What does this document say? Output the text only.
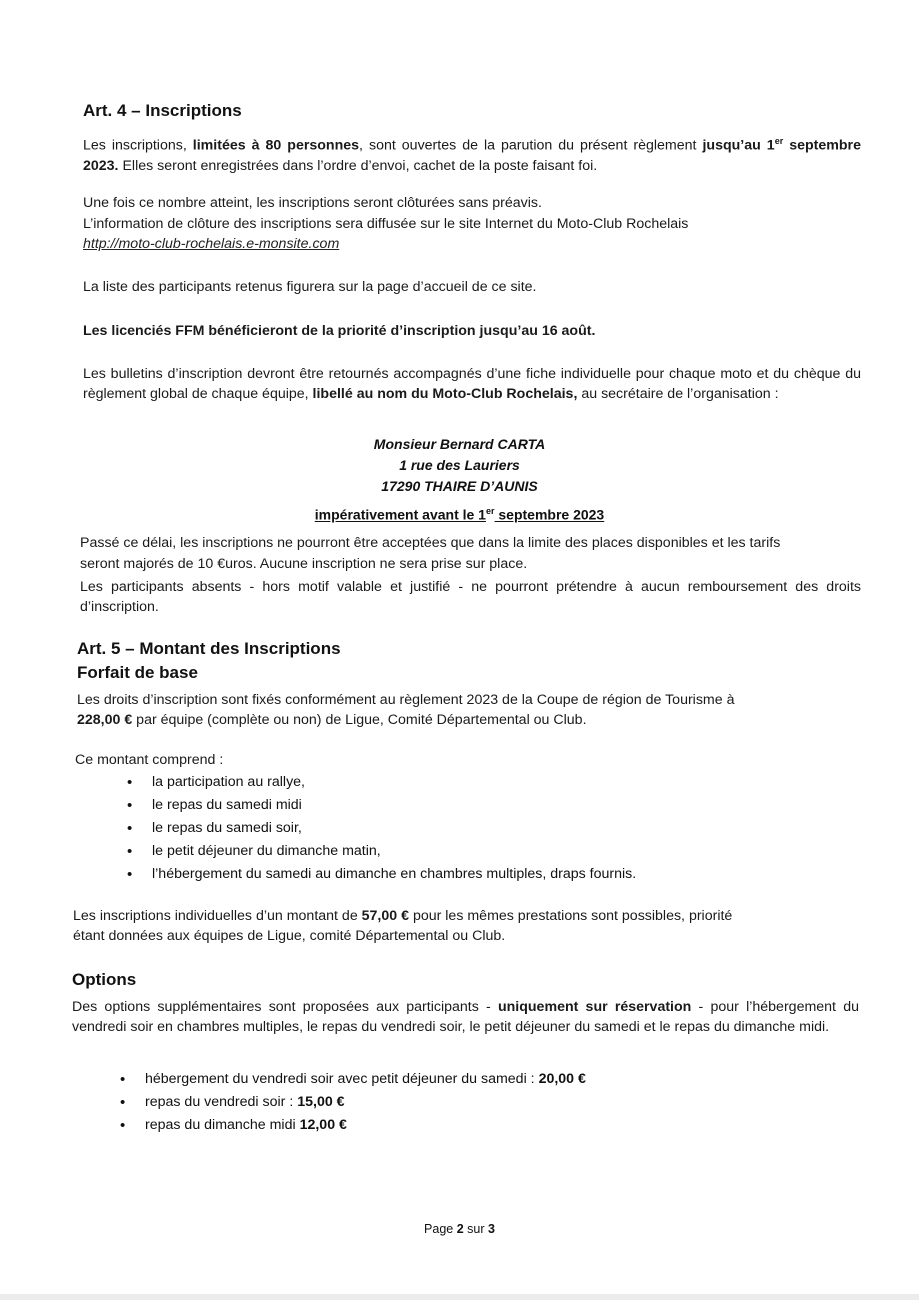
Art. 4 – Inscriptions
Les inscriptions, limitées à 80 personnes, sont ouvertes de la parution du présent règlement jusqu’au 1er septembre 2023. Elles seront enregistrées dans l’ordre d’envoi, cachet de la poste faisant foi.
Une fois ce nombre atteint, les inscriptions seront clôturées sans préavis.
L’information de clôture des inscriptions sera diffusée sur le site Internet du Moto-Club Rochelais
http://moto-club-rochelais.e-monsite.com
La liste des participants retenus figurera sur la page d’accueil de ce site.
Les licenciés FFM bénéficieront de la priorité d’inscription jusqu’au 16 août.
Les bulletins d’inscription devront être retournés accompagnés d’une fiche individuelle pour chaque moto et du chèque du règlement global de chaque équipe, libellé au nom du Moto-Club Rochelais, au secrétaire de l’organisation :
Monsieur Bernard CARTA
1 rue des Lauriers
17290 THAIRE D’AUNIS
impérativement avant le 1er septembre 2023
Passé ce délai, les inscriptions ne pourront être acceptées que dans la limite des places disponibles et les tarifs
seront majorés de 10 €uros. Aucune inscription ne sera prise sur place.
Les participants absents - hors motif valable et justifié - ne pourront prétendre à aucun remboursement des droits d’inscription.
Art. 5 – Montant des Inscriptions
Forfait de base
Les droits d’inscription sont fixés conformément au règlement 2023 de la Coupe de région de Tourisme à
228,00 € par équipe (complète ou non) de Ligue, Comité Départemental ou Club.
Ce montant comprend :
• la participation au rallye,
• le repas du samedi midi
• le repas du samedi soir,
• le petit déjeuner du dimanche matin,
• l’hébergement du samedi au dimanche en chambres multiples, draps fournis.
Les inscriptions individuelles d’un montant de 57,00 € pour les mêmes prestations sont possibles, priorité
étant données aux équipes de Ligue, comité Départemental ou Club.
Options
Des options supplémentaires sont proposées aux participants - uniquement sur réservation - pour l’hébergement du vendredi soir en chambres multiples, le repas du vendredi soir, le petit déjeuner du samedi et le repas du dimanche midi.
• hébergement du vendredi soir avec petit déjeuner du samedi : 20,00 €
• repas du vendredi soir : 15,00 €
• repas du dimanche midi 12,00 €
Page 2 sur 3
